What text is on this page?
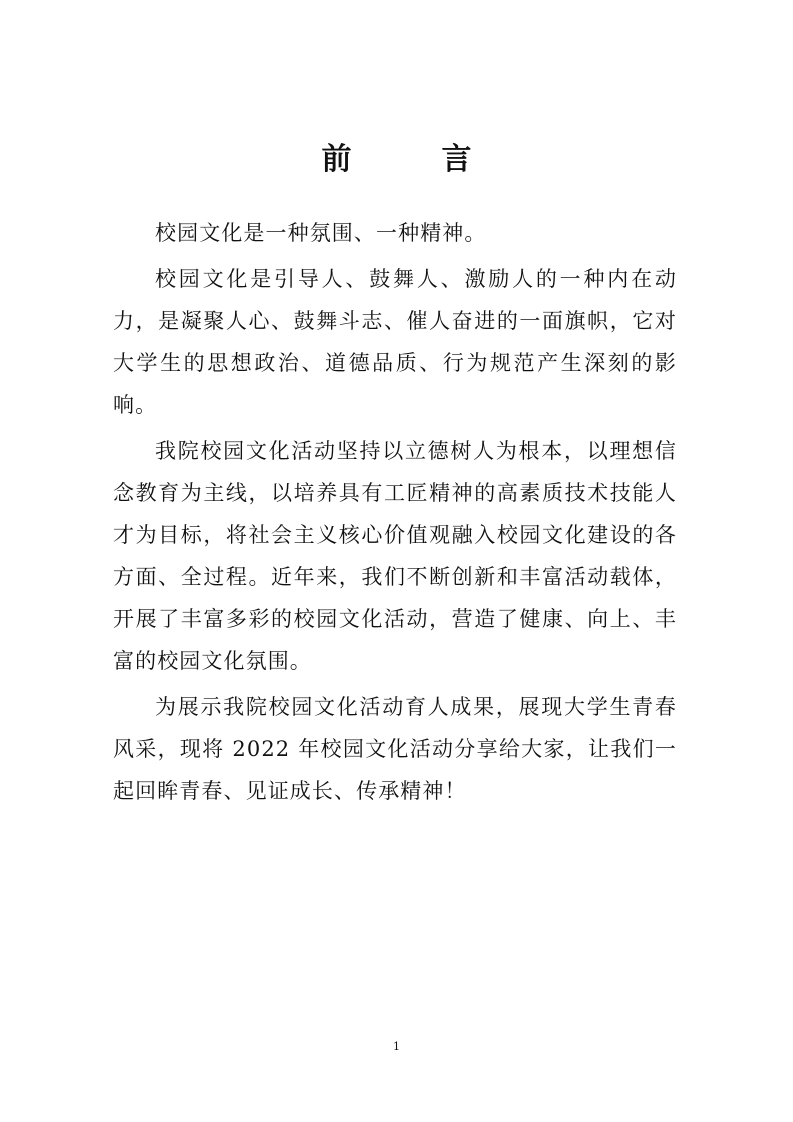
前　言

校园文化是一种氛围、一种精神。

校园文化是引导人、鼓舞人、激励人的一种内在动力，是凝聚人心、鼓舞斗志、催人奋进的一面旗帜，它对大学生的思想政治、道德品质、行为规范产生深刻的影响。

我院校园文化活动坚持以立德树人为根本，以理想信念教育为主线，以培养具有工匠精神的高素质技术技能人才为目标，将社会主义核心价值观融入校园文化建设的各方面、全过程。近年来，我们不断创新和丰富活动载体，开展了丰富多彩的校园文化活动，营造了健康、向上、丰富的校园文化氛围。

为展示我院校园文化活动育人成果，展现大学生青春风采，现将 2022 年校园文化活动分享给大家，让我们一起回眸青春、见证成长、传承精神！

1
